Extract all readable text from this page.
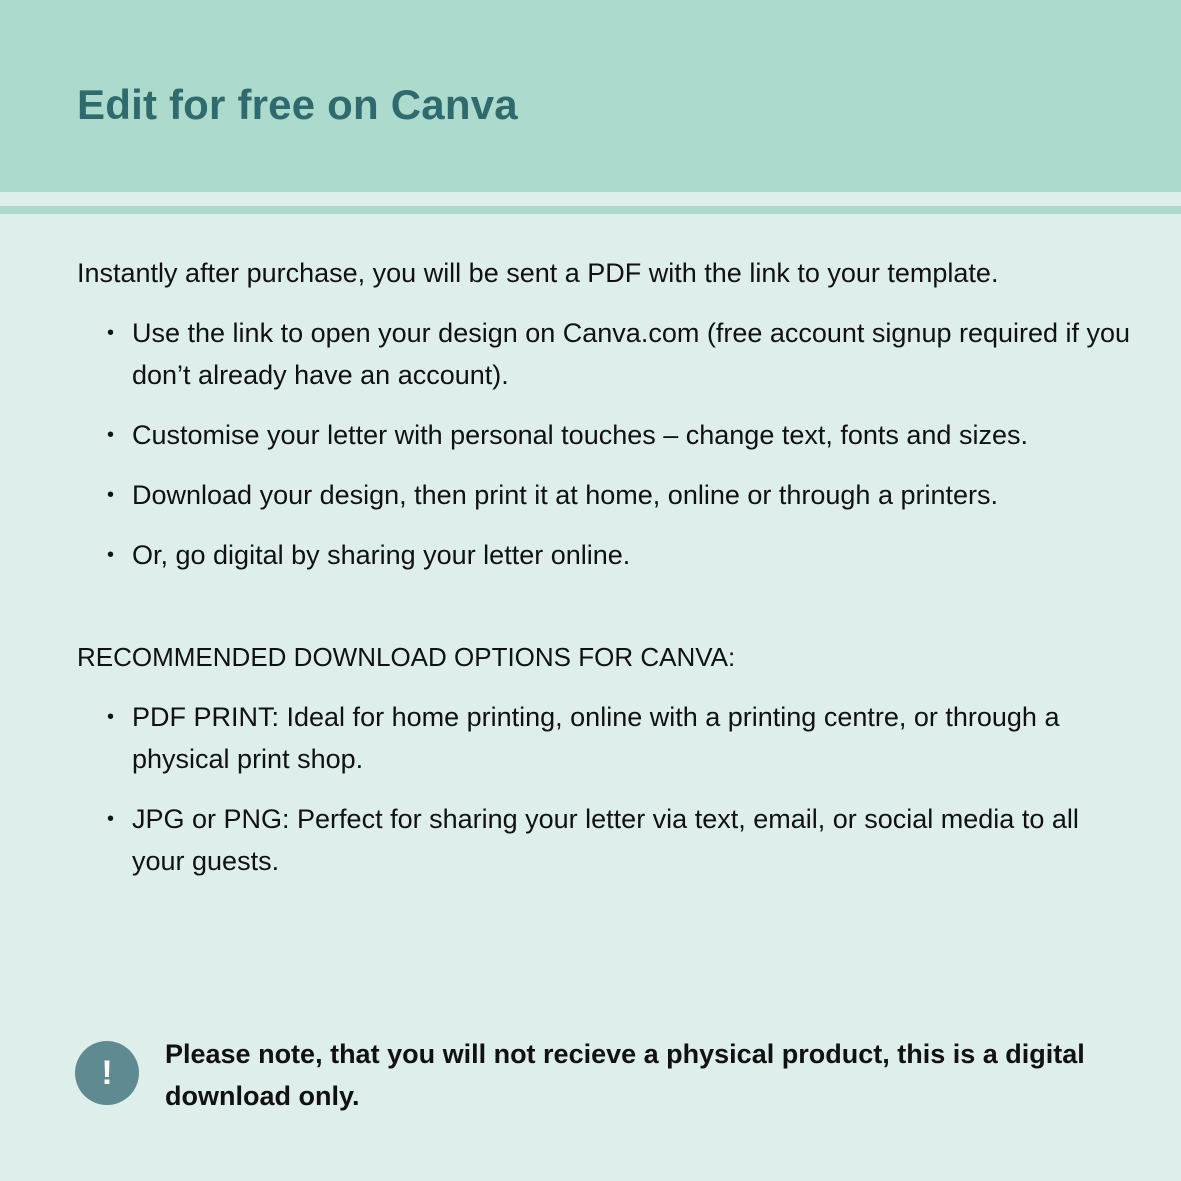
Edit for free on Canva

Instantly after purchase, you will be sent a PDF with the link to your template.

• Use the link to open your design on Canva.com (free account signup required if you don’t already have an account).
• Customise your letter with personal touches – change text, fonts and sizes.
• Download your design, then print it at home, online or through a printers.
• Or, go digital by sharing your letter online.

RECOMMENDED DOWNLOAD OPTIONS FOR CANVA:

• PDF PRINT: Ideal for home printing, online with a printing centre, or through a physical print shop.
• JPG or PNG: Perfect for sharing your letter via text, email, or social media to all your guests.
!	Please note, that you will not recieve a physical product, this is a digital download only.
